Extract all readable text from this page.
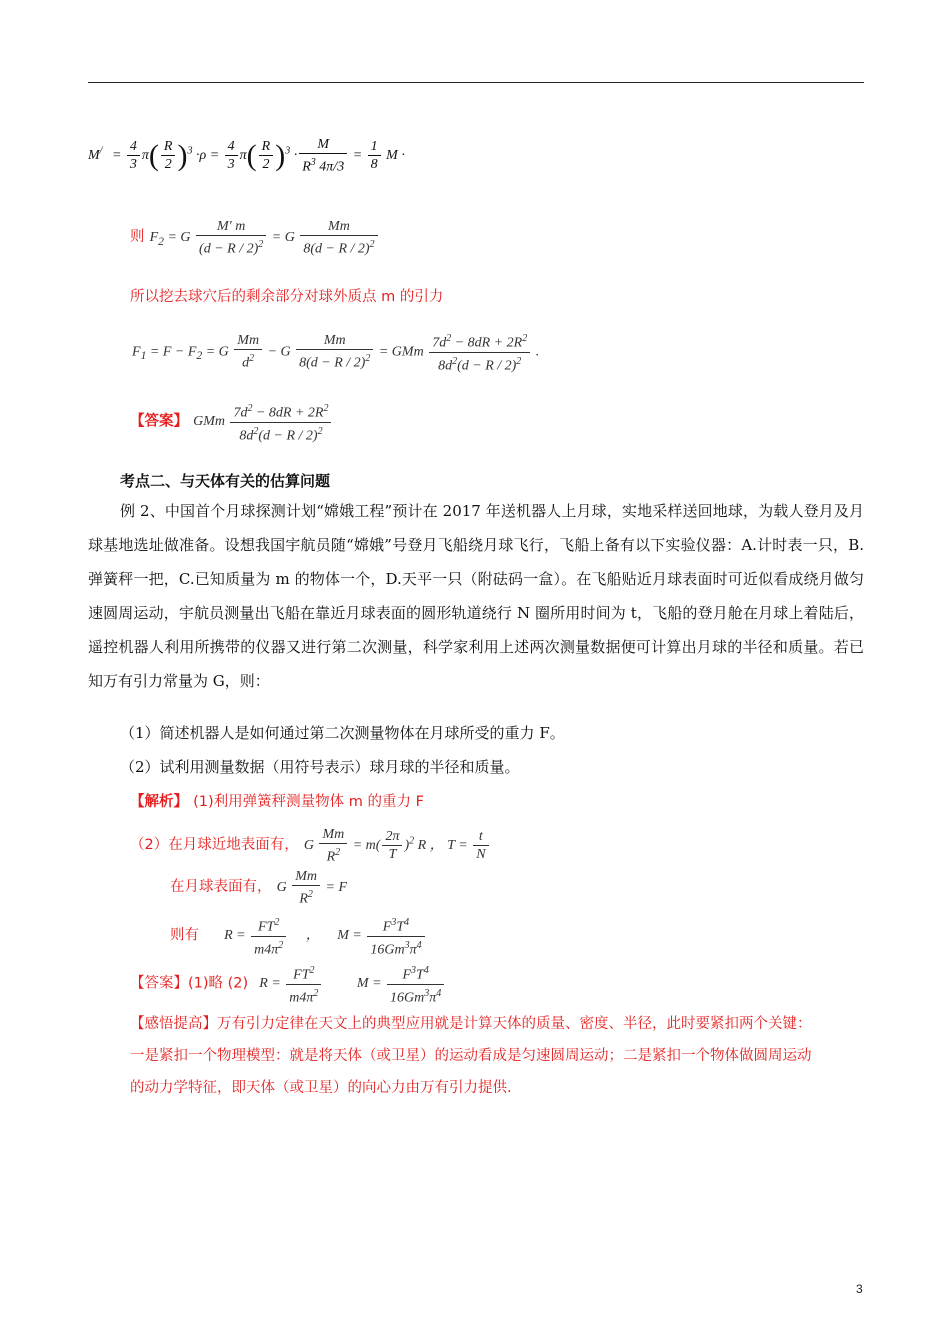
$M^/ = \frac{4}{3} \pi( \frac{R}{2} )^3 \cdot\rho = \frac{4}{3} \pi( \frac{R}{2} )^3 \cdot \frac{M}{R^3 4\pi/3} = \frac{1}{8}$ M ·
则 $F_2 = G \frac{M' m}{(d - R / 2)^2} = G \frac{Mm}{8(d - R / 2)^2}$
所以挖去球穴后的剩余部分对球外质点 m 的引力
$F_1 = F - F_2 = G \frac{Mm}{d^2} - G \frac{Mm}{8(d - R / 2)^2}$ = GMm $\frac{7d^2 - 8dR + 2R^2}{8d^2(d - R / 2)^2}$ .
【答案】 GMm $\frac{7d^2 - 8dR + 2R^2}{8d^2(d - R / 2)^2}$
考点二、与天体有关的估算问题
例 2、中国首个月球探测计划“嫦娥工程”预计在 2017 年送机器人上月球，实地采样送回地球，为载人登月及月球基地选址做准备。设想我国宇航员随“嫦娥”号登月飞船绕月球飞行，飞船上备有以下实验仪器：A.计时表一只，B.弹簧秤一把，C.已知质量为 m 的物体一个，D.天平一只（附砝码一盒）。在飞船贴近月球表面时可近似看成绕月做匀速圆周运动，宇航员测量出飞船在靠近月球表面的圆形轨道绕行 N 圈所用时间为 t，飞船的登月舱在月球上着陆后，遥控机器人利用所携带的仪器又进行第二次测量，科学家利用上述两次测量数据便可计算出月球的半径和质量。若已知万有引力常量为 G，则：
（1）简述机器人是如何通过第二次测量物体在月球所受的重力 F。
（2）试利用测量数据（用符号表示）球月球的半径和质量。
【解析】 (1)利用弹簧秤测量物体 m 的重力 F
（2）在月球近地表面有， G $\frac{Mm}{R^2} = m( \frac{2\pi}{T} )^2$ R ， $T = \frac{t}{N}$
在月球表面有， G $\frac{Mm}{R^2} = F$
则有 $R = \frac{FT^2}{m4\pi^2}$ ， $M = \frac{F^3T^4}{16Gm^3\pi^4}$
【答案】(1)略 (2) $R = \frac{FT^2}{m4\pi^2}$	$M = \frac{F^3T^4}{16Gm^3\pi^4}$
【感悟提高】万有引力定律在天文上的典型应用就是计算天体的质量、密度、半径，此时要紧扣两个关键：一是紧扣一个物理模型：就是将天体（或卫星）的运动看成是匀速圆周运动；二是紧扣一个物体做圆周运动的动力学特征，即天体（或卫星）的向心力由万有引力提供.
3
